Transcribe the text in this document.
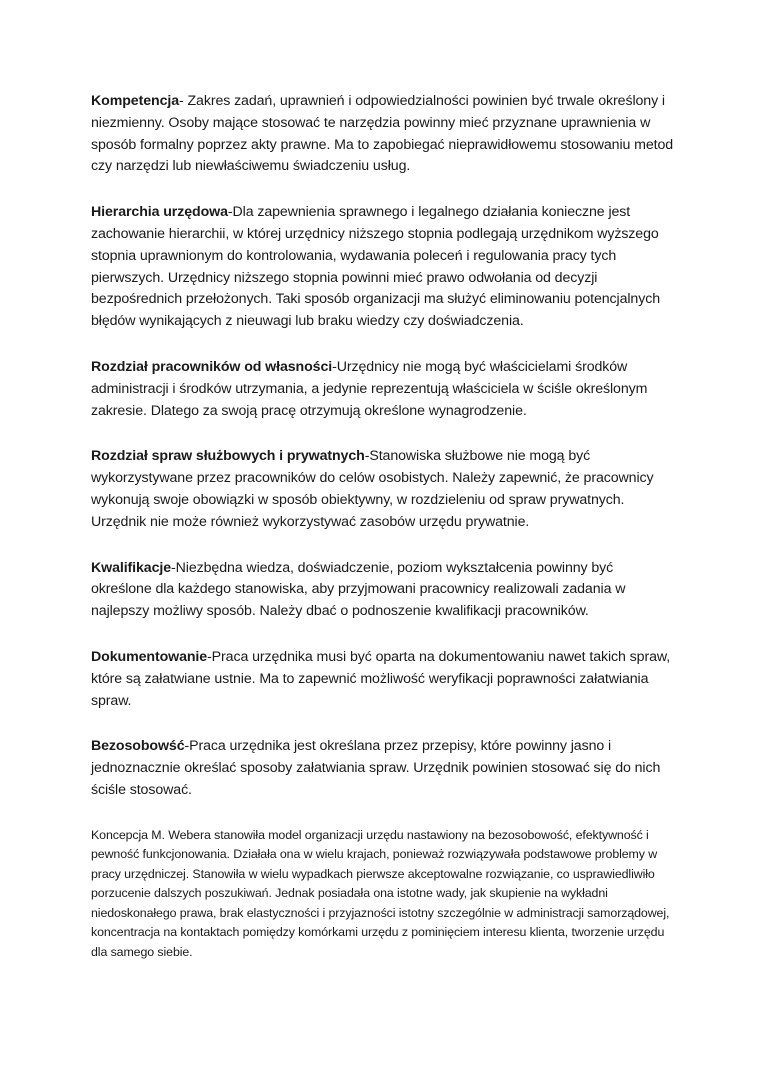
Kompetencja- Zakres zadań, uprawnień i odpowiedzialności powinien być trwale określony i niezmienny. Osoby mające stosować te narzędzia powinny mieć przyznane uprawnienia w sposób formalny poprzez akty prawne. Ma to zapobiegać nieprawidłowemu stosowaniu metod czy narzędzi lub niewłaściwemu świadczeniu usług.

Hierarchia urzędowa-Dla zapewnienia sprawnego i legalnego działania konieczne jest zachowanie hierarchii, w której urzędnicy niższego stopnia podlegają urzędnikom wyższego stopnia uprawnionym do kontrolowania, wydawania poleceń i regulowania pracy tych pierwszych. Urzędnicy niższego stopnia powinni mieć prawo odwołania od decyzji bezpośrednich przełożonych. Taki sposób organizacji ma służyć eliminowaniu potencjalnych błędów wynikających z nieuwagi lub braku wiedzy czy doświadczenia.

Rozdział pracowników od własności-Urzędnicy nie mogą być właścicielami środków administracji i środków utrzymania, a jedynie reprezentują właściciela w ściśle określonym zakresie. Dlatego za swoją pracę otrzymują określone wynagrodzenie.

Rozdział spraw służbowych i prywatnych-Stanowiska służbowe nie mogą być wykorzystywane przez pracowników do celów osobistych. Należy zapewnić, że pracownicy wykonują swoje obowiązki w sposób obiektywny, w rozdzieleniu od spraw prywatnych. Urzędnik nie może również wykorzystywać zasobów urzędu prywatnie.

Kwalifikacje-Niezbędna wiedza, doświadczenie, poziom wykształcenia powinny być określone dla każdego stanowiska, aby przyjmowani pracownicy realizowali zadania w najlepszy możliwy sposób. Należy dbać o podnoszenie kwalifikacji pracowników.

Dokumentowanie-Praca urzędnika musi być oparta na dokumentowaniu nawet takich spraw, które są załatwiane ustnie. Ma to zapewnić możliwość weryfikacji poprawności załatwiania spraw.

Bezosobowść-Praca urzędnika jest określana przez przepisy, które powinny jasno i jednoznacznie określać sposoby załatwiania spraw. Urzędnik powinien stosować się do nich ściśle stosować.

Koncepcja M. Webera stanowiła model organizacji urzędu nastawiony na bezosobowość, efektywność i pewność funkcjonowania. Działała ona w wielu krajach, ponieważ rozwiązywała podstawowe problemy w pracy urzędniczej. Stanowiła w wielu wypadkach pierwsze akceptowalne rozwiązanie, co usprawiedliwiło porzucenie dalszych poszukiwań. Jednak posiadała ona istotne wady, jak skupienie na wykładni niedoskonałego prawa, brak elastyczności i przyjazności istotny szczególnie w administracji samorządowej, koncentracja na kontaktach pomiędzy komórkami urzędu z pominięciem interesu klienta, tworzenie urzędu dla samego siebie.
